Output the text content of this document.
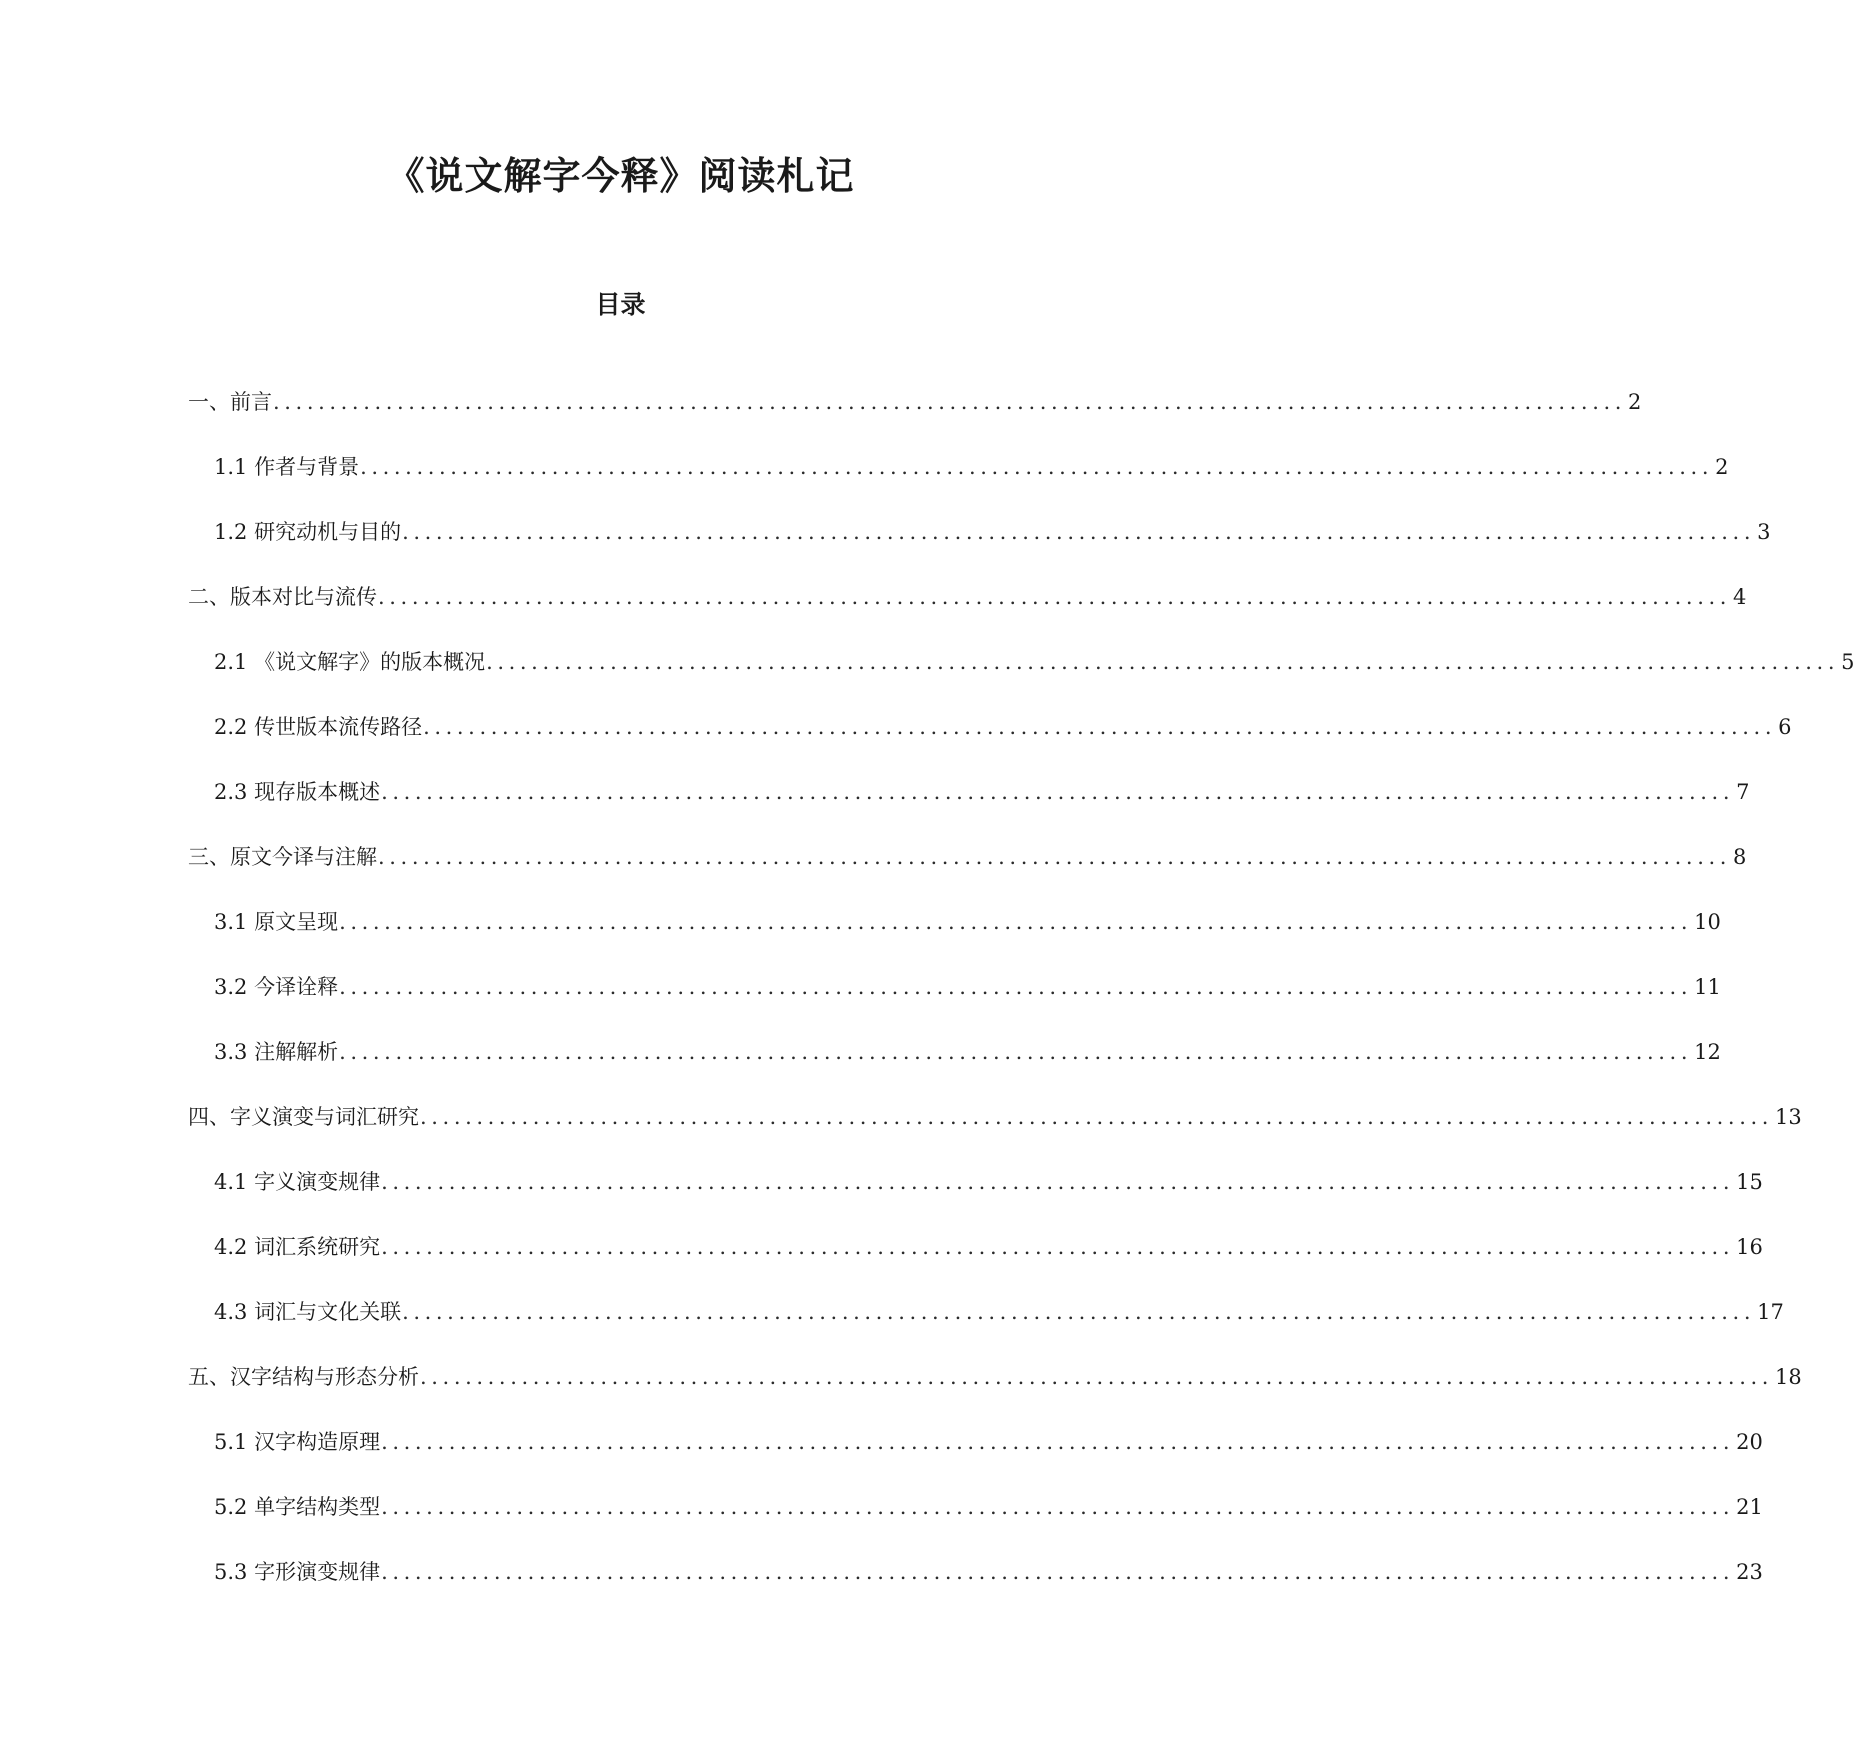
《说文解字今释》阅读札记
目录
一、前言 ........................................................................................................................ 2
1.1 作者与背景 ........................................................................................................................ 2
1.2 研究动机与目的 ........................................................................................................................ 3
二、版本对比与流传 ........................................................................................................................ 4
2.1 《说文解字》的版本概况 ........................................................................................................................ 5
2.2 传世版本流传路径 ........................................................................................................................ 6
2.3 现存版本概述 ........................................................................................................................ 7
三、原文今译与注解 ........................................................................................................................ 8
3.1 原文呈现 ........................................................................................................................ 10
3.2 今译诠释 ........................................................................................................................ 11
3.3 注解解析 ........................................................................................................................ 12
四、字义演变与词汇研究 ........................................................................................................................ 13
4.1 字义演变规律 ........................................................................................................................ 15
4.2 词汇系统研究 ........................................................................................................................ 16
4.3 词汇与文化关联 ........................................................................................................................ 17
五、汉字结构与形态分析 ........................................................................................................................ 18
5.1 汉字构造原理 ........................................................................................................................ 20
5.2 单字结构类型 ........................................................................................................................ 21
5.3 字形演变规律 ........................................................................................................................ 23
